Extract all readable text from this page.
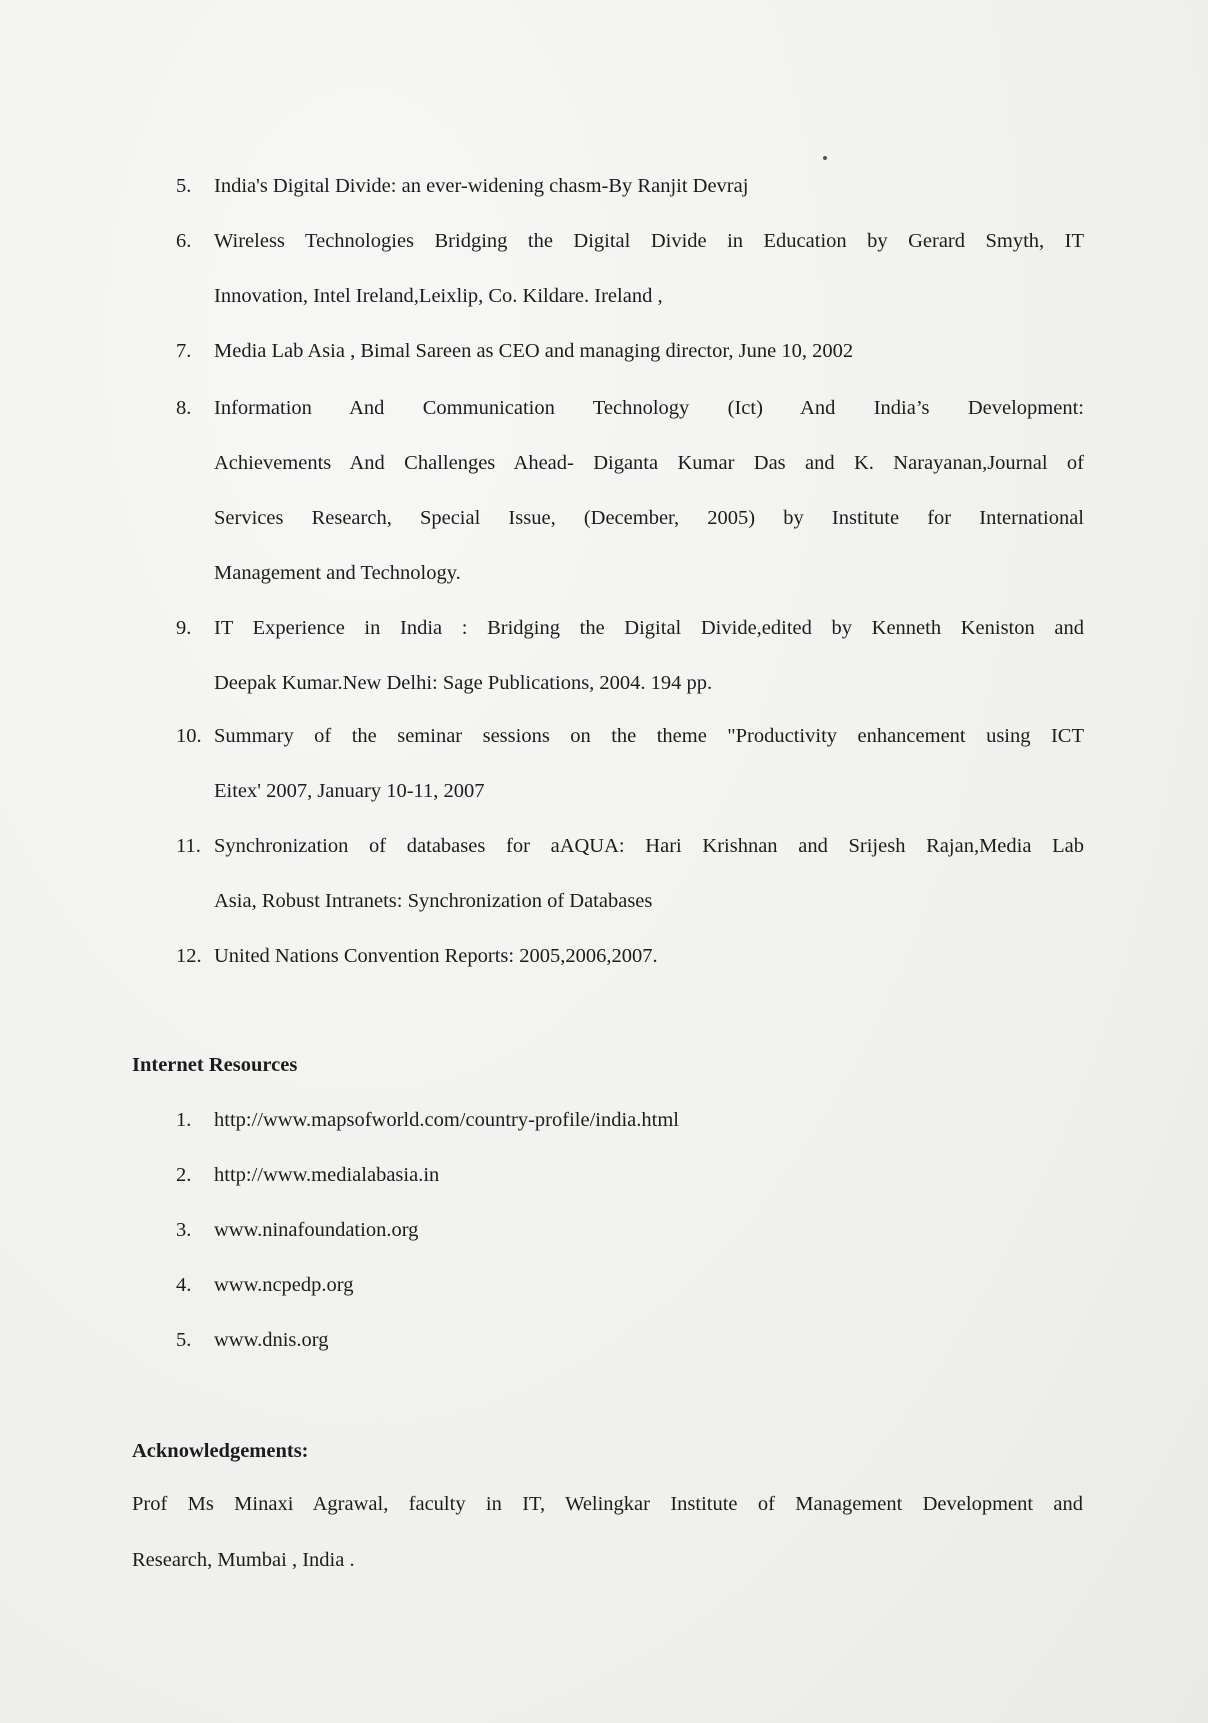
5. India's Digital Divide: an ever-widening chasm-By Ranjit Devraj
6. Wireless Technologies Bridging the Digital Divide in Education by Gerard Smyth, IT
Innovation, Intel Ireland,Leixlip, Co. Kildare. Ireland ,
7. Media Lab Asia , Bimal Sareen as CEO and managing director, June 10, 2002
8. Information And Communication Technology (Ict) And India’s Development:
Achievements And Challenges Ahead- Diganta Kumar Das and K. Narayanan,Journal of
Services Research, Special Issue, (December, 2005) by Institute for International
Management and Technology.
9. IT Experience in India : Bridging the Digital Divide,edited by Kenneth Keniston and
Deepak Kumar.New Delhi: Sage Publications, 2004. 194 pp.
10. Summary of the seminar sessions on the theme "Productivity enhancement using ICT
Eitex' 2007, January 10-11, 2007
11. Synchronization of databases for aAQUA: Hari Krishnan and Srijesh Rajan,Media Lab
Asia, Robust Intranets: Synchronization of Databases
12. United Nations Convention Reports: 2005,2006,2007.
Internet Resources
1. http://www.mapsofworld.com/country-profile/india.html
2. http://www.medialabasia.in
3. www.ninafoundation.org
4. www.ncpedp.org
5. www.dnis.org
Acknowledgements:
Prof Ms Minaxi Agrawal, faculty in IT, Welingkar Institute of Management Development and
Research, Mumbai , India .
